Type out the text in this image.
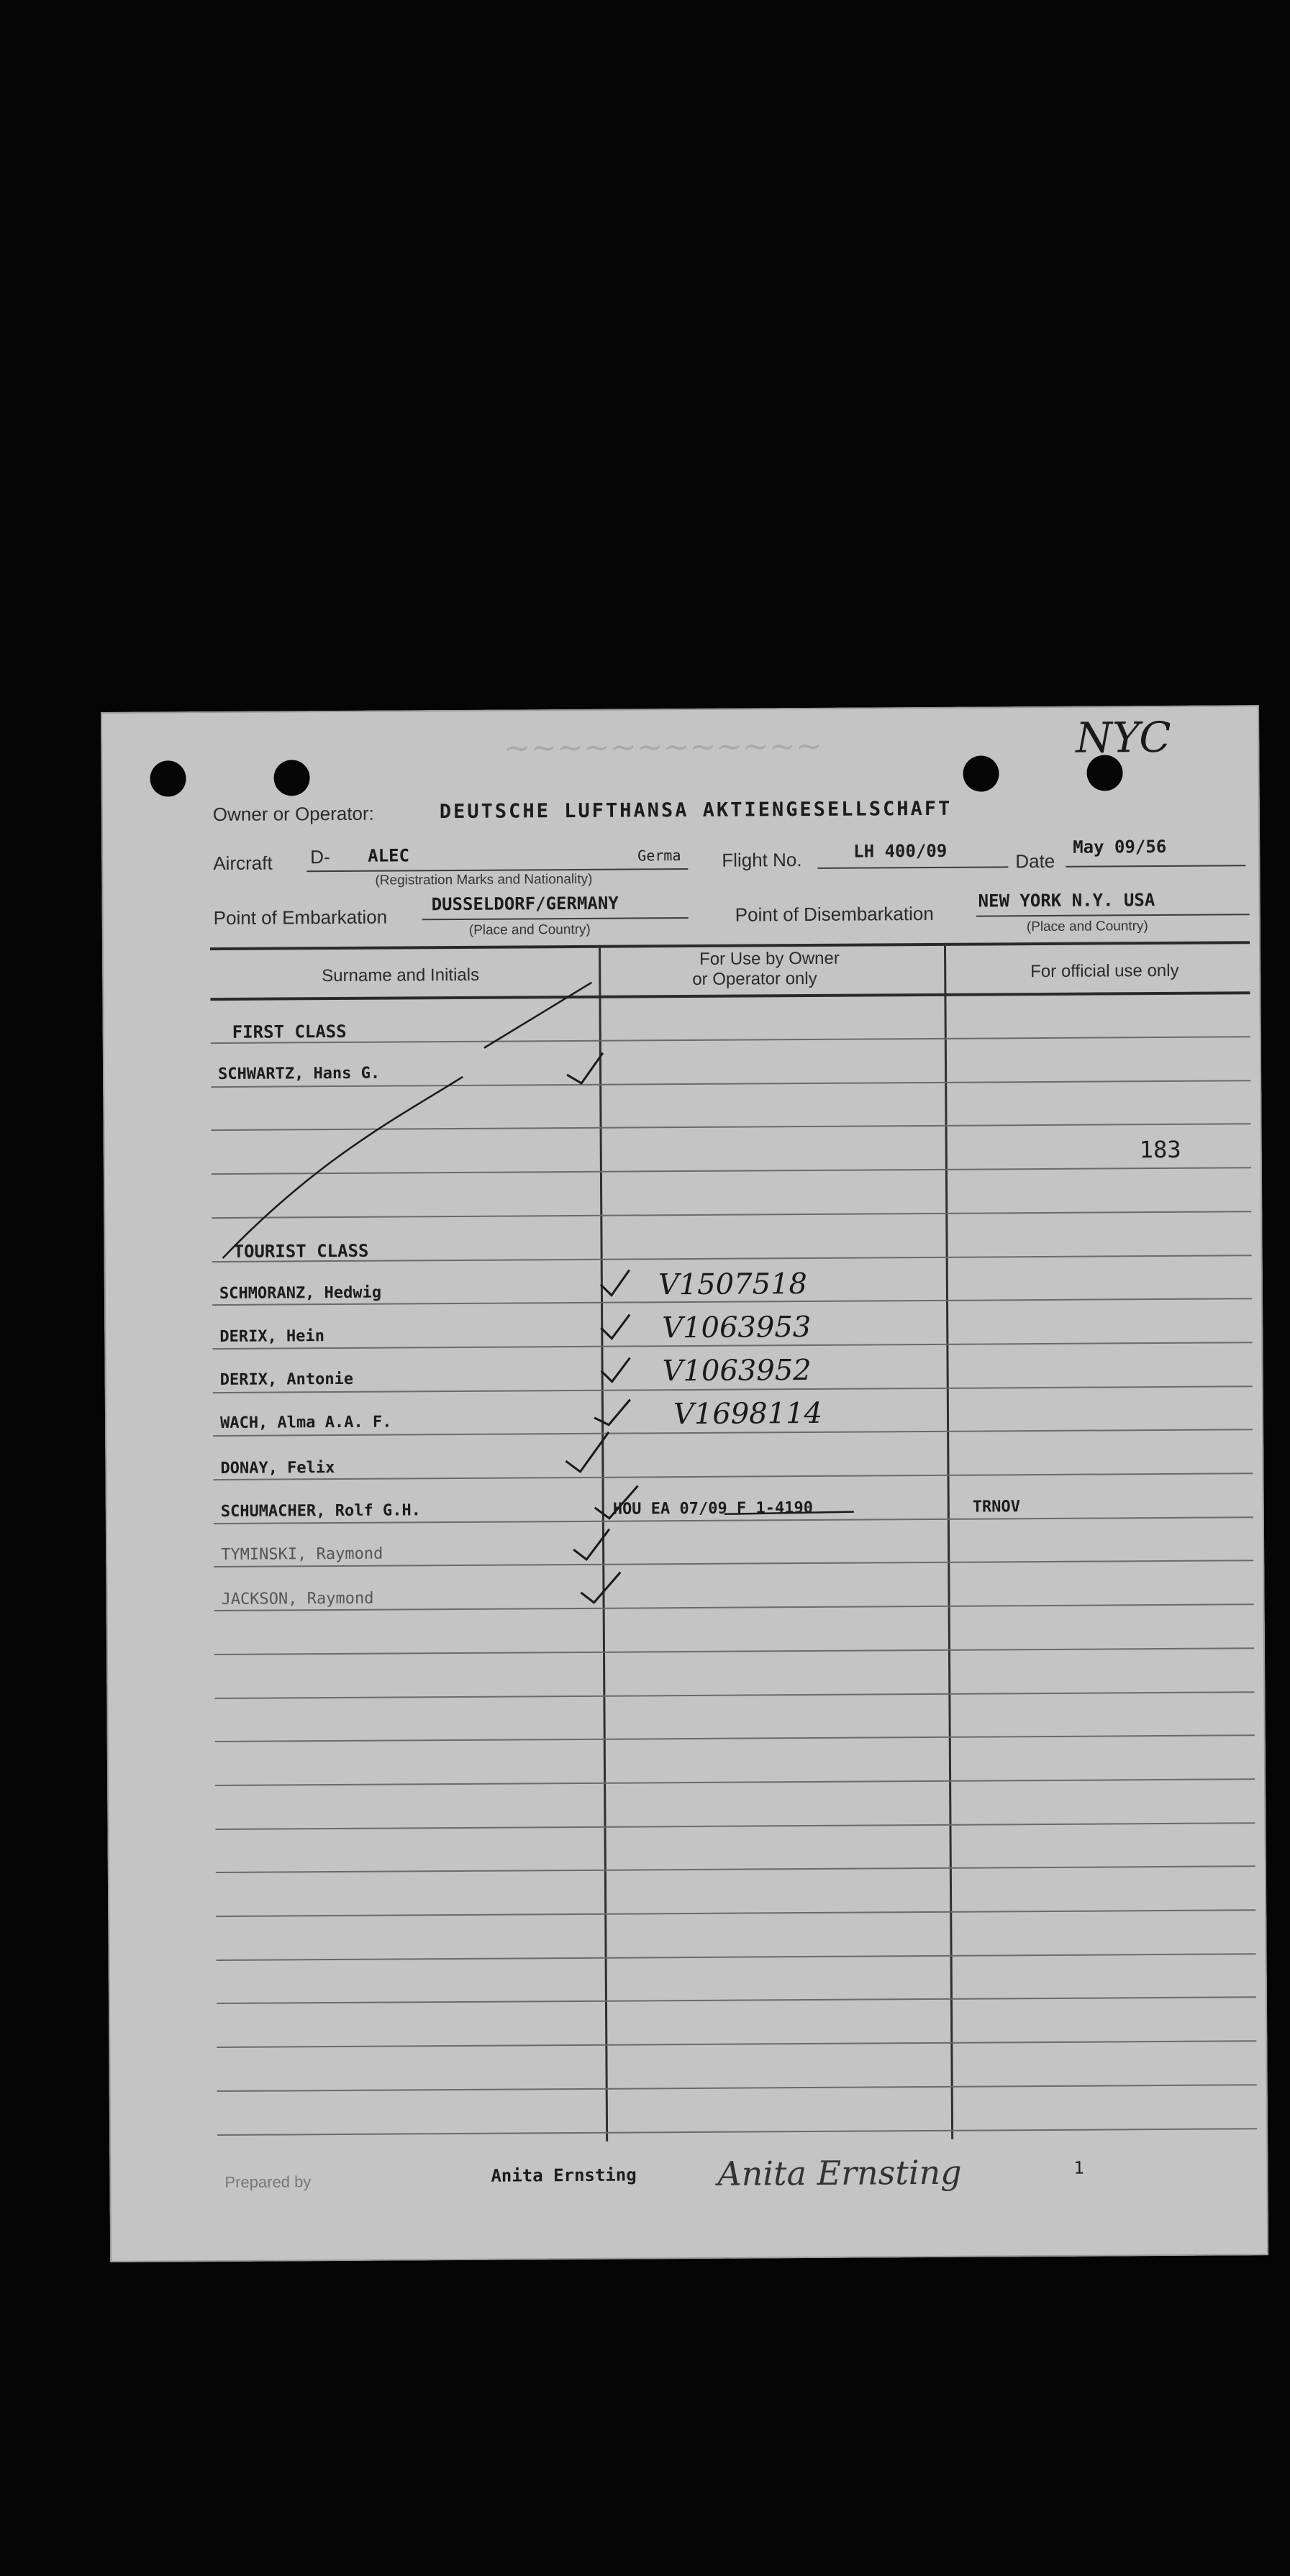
~~~~~~~~~~~~	NYC
Owner or Operator:	DEUTSCHE LUFTHANSA AKTIENGESELLSCHAFT
Aircraft D- ALEC	Germa
(Registration Marks and Nationality)
Flight No.	LH 400/09	Date
May 09/56
Point of Embarkation
DUSSELDORF/GERMANY
(Place and Country)
Point of Disembarkation
NEW YORK N.Y. USA
(Place and Country)
Surname and Initials
For Use by Owner
or Operator only	For official use only
183
FIRST CLASS
SCHWARTZ, Hans G.
TOURIST CLASS
SCHMORANZ, Hedwig	V1507518
DERIX, Hein	V1063953
DERIX, Antonie	V1063952
WACH, Alma A.A. F.	V1698114
DONAY, Felix
SCHUMACHER, Rolf G.H.	HOU EA 07/09 F 1-4190	TRNOV
TYMINSKI, Raymond
JACKSON, Raymond
Prepared by	Anita Ernsting Anita Ernsting	1
